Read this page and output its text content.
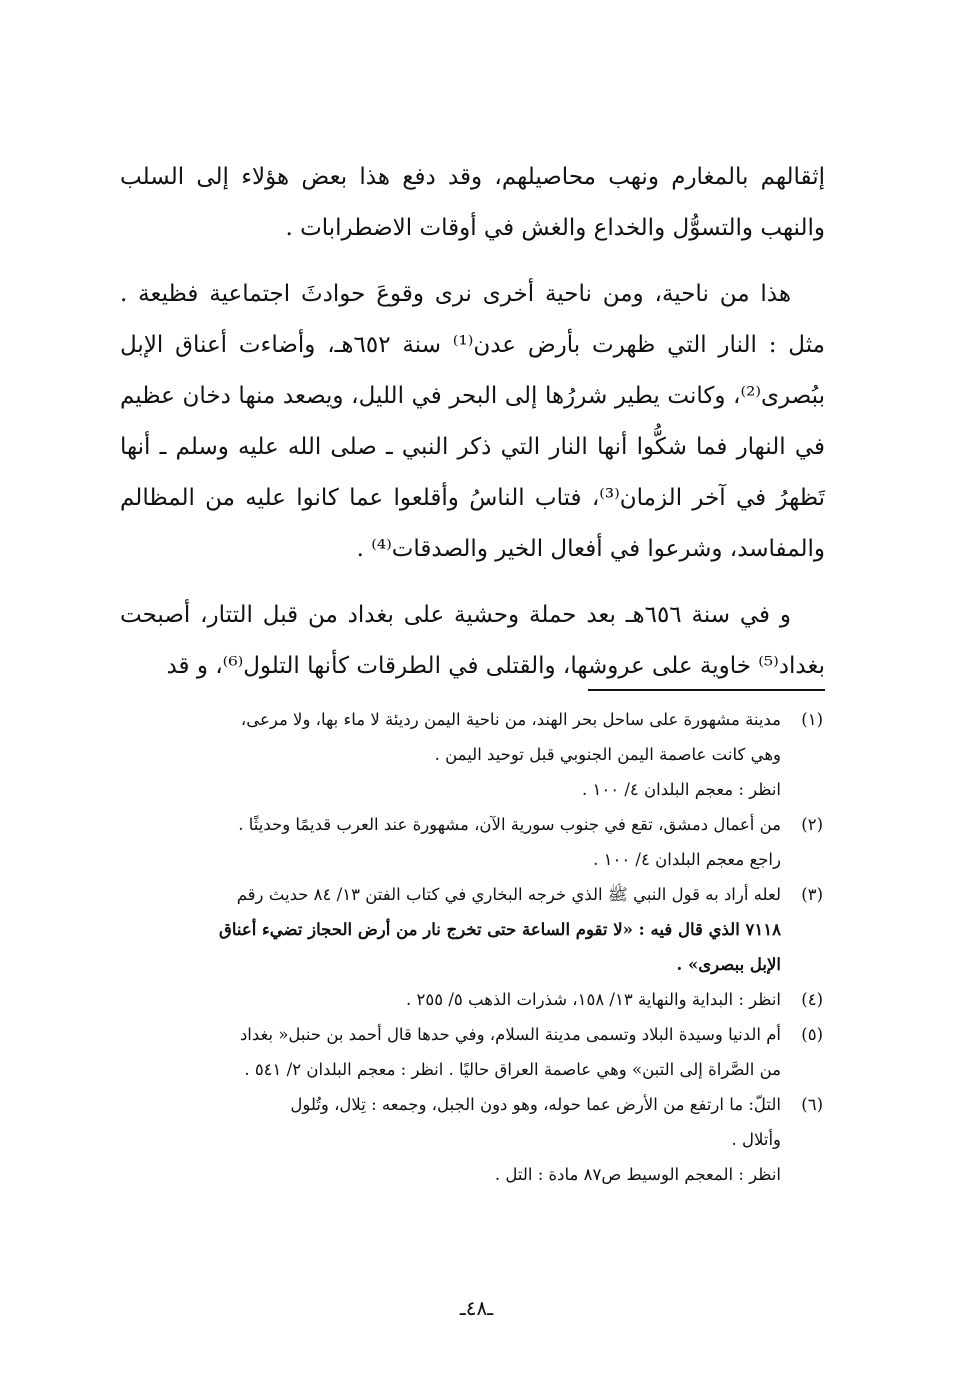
إثقالهم بالمغارم ونهب محاصيلهم، وقد دفع هذا بعض هؤلاء إلى السلب والنهب والتسوُّل والخداع والغش في أوقات الاضطرابات .

هذا من ناحية، ومن ناحية أخرى نرى وقوعَ حوادثَ اجتماعية فظيعة . مثل : النار التي ظهرت بأرض عدن⁽¹⁾ سنة ٦٥٢هـ، وأضاءت أعناق الإبل ببُصرى⁽²⁾، وكانت يطير شررُها إلى البحر في الليل، ويصعد منها دخان عظيم في النهار فما شكُّوا أنها النار التي ذكر النبي ـ صلى الله عليه وسلم ـ أنها تَظهرُ في آخر الزمان⁽³⁾، فتاب الناسُ وأقلعوا عما كانوا عليه من المظالم والمفاسد، وشرعوا في أفعال الخير والصدقات⁽⁴⁾ .

و في سنة ٦٥٦هـ بعد حملة وحشية على بغداد من قبل التتار، أصبحت بغداد⁽⁵⁾ خاوية على عروشها، والقتلى في الطرقات كأنها التلول⁽⁶⁾، و قد

(١)
مدينة مشهورة على ساحل بحر الهند، من ناحية اليمن رديئة لا ماء بها، ولا مرعى،
وهي كانت عاصمة اليمن الجنوبي قبل توحيد اليمن .
انظر : معجم البلدان ٤/ ١٠٠ .
(٢)
من أعمال دمشق، تقع في جنوب سورية الآن، مشهورة عند العرب قديمًا وحديثًا .
راجع معجم البلدان ٤/ ١٠٠ .
(٣)
لعله أراد به قول النبي ﷺ الذي خرجه البخاري في كتاب الفتن ١٣/ ٨٤ حديث رقم
٧١١٨ الذي قال فيه : «لا تقوم الساعة حتى تخرج نار من أرض الحجاز تضيء أعناق
الإبل ببصرى» .
(٤)
انظر : البداية والنهاية ١٣/ ١٥٨، شذرات الذهب ٥/ ٢٥٥ .
(٥)
أم الدنيا وسيدة البلاد وتسمى مدينة السلام، وفي حدها قال أحمد بن حنبل« بغداد
من الصَّراة إلى التبن» وهي عاصمة العراق حاليًا . انظر : معجم البلدان ٢/ ٥٤١ .
(٦)
التلّ: ما ارتفع من الأرض عما حوله، وهو دون الجبل، وجمعه : تِلال، وتُلول
وأتلال .
انظر : المعجم الوسيط ص٨٧ مادة : التل .
ـ٤٨ـ
